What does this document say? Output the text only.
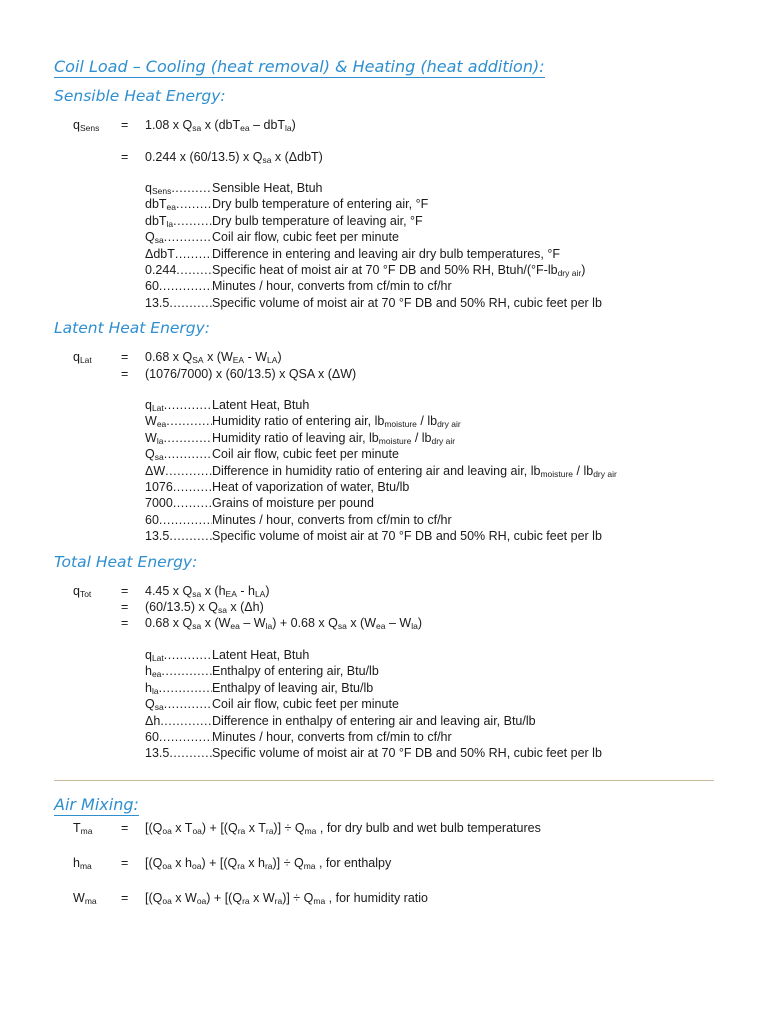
Coil Load – Cooling (heat removal) & Heating (heat addition):
Sensible Heat Energy:
$q_{Sens} = 1.08$ x $Q_{sa}$ x (dbT$_{ea}$ – dbT$_{la}$)
= 0.244 x (60/13.5) x $Q_{sa}$ x (ΔdbT)
$q_{Sens}$ .....	Sensible Heat, Btuh
dbT$_{ea}$ .....	Dry bulb temperature of entering air, °F
dbT$_{la}$ .....	Dry bulb temperature of leaving air, °F
$Q_{sa}$ .....	Coil air flow, cubic feet per minute
ΔdbT .....	Difference in entering and leaving air dry bulb temperatures, °F
0.244 .....	Specific heat of moist air at 70 °F DB and 50% RH, Btuh/$(^\circ F-lb_{dry air})$
60 .....	Minutes / hour, converts from cf/min to cf/hr
13.5 .....	Specific volume of moist air at 70 °F DB and 50% RH, cubic feet per lb
Latent Heat Energy:
$q_{Lat} = 0.68$ x $Q_{SA}$ x $(W_{EA} - W_{LA})$
= (1076/7000) x (60/13.5) x QSA x (ΔW)
$q_{Lat}$ .....	Latent Heat, Btuh
$W_{ea}$ .....	Humidity ratio of entering air, $lb_{moisture} / lb_{dry air}$
$W_{la}$ .....	Humidity ratio of leaving air, $lb_{moisture} / lb_{dry air}$
$Q_{sa}$ .....	Coil air flow, cubic feet per minute
ΔW .....	Difference in humidity ratio of entering air and leaving air, $lb_{moisture} / lb_{dry air}$
1076 .....	Heat of vaporization of water, Btu/lb
7000 .....	Grains of moisture per pound
60 .....	Minutes / hour, converts from cf/min to cf/hr
13.5 .....	Specific volume of moist air at 70 °F DB and 50% RH, cubic feet per lb
Total Heat Energy:
$q_{Tot} = 4.45$ x $Q_{sa}$ x $(h_{EA} - h_{LA})$
= (60/13.5) x $Q_{sa}$ x (Δh)
= 0.68 x $Q_{sa}$ x $(W_{ea} - W_{la}) + 0.68$ x $Q_{sa}$ x $(W_{ea} - W_{la})$
$q_{Lat}$ .....	Latent Heat, Btuh
$h_{ea}$ .....	Enthalpy of entering air, Btu/lb
$h_{la}$ .....	Enthalpy of leaving air, Btu/lb
$Q_{sa}$ .....	Coil air flow, cubic feet per minute
Δh .....	Difference in enthalpy of entering air and leaving air, Btu/lb
60 .....	Minutes / hour, converts from cf/min to cf/hr
13.5 .....	Specific volume of moist air at 70 °F DB and 50% RH, cubic feet per lb
Air Mixing:
$T_{ma} = [(Q_{oa}$ x $T_{oa}) + [(Q_{ra}$ x $T_{ra})] \div Q_{ma}$ , for dry bulb and wet bulb temperatures
$h_{ma} = [(Q_{oa}$ x $h_{oa}) + [(Q_{ra}$ x $h_{ra})] \div Q_{ma}$ , for enthalpy
$W_{ma} = [(Q_{oa}$ x $W_{oa}) + [(Q_{ra}$ x $W_{ra})] \div Q_{ma}$ , for humidity ratio
